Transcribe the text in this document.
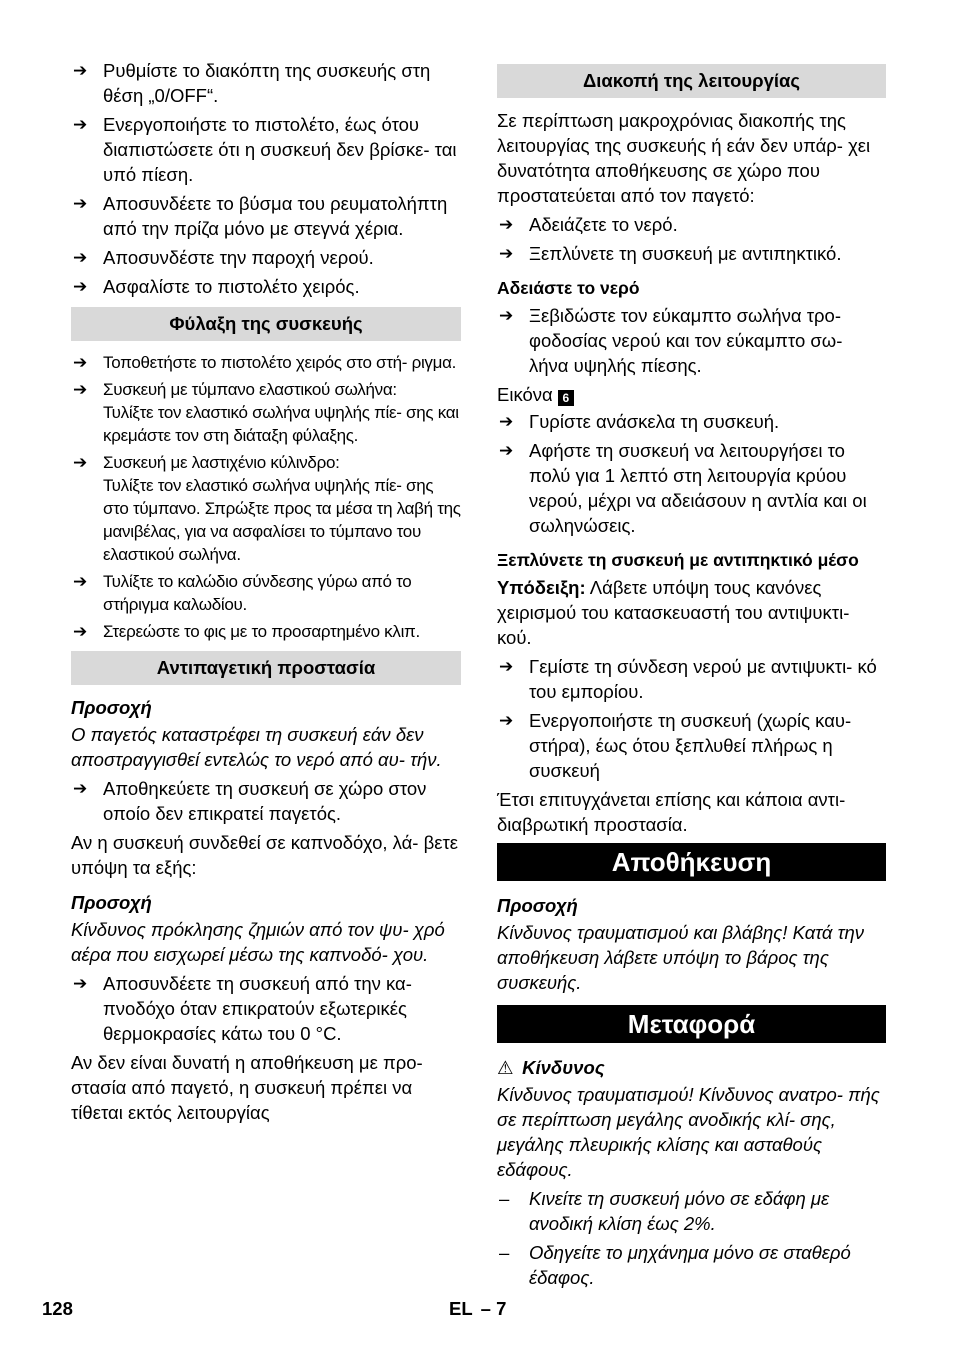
➔ Ρυθμίστε το διακόπτη της συσκευής στη θέση „0/OFF“.
➔ Ενεργοποιήστε το πιστολέτο, έως ότου διαπιστώσετε ότι η συσκευή δεν βρίσκε- ται υπό πίεση.
➔ Αποσυνδέετε το βύσμα του ρευματολήπτη από την πρίζα μόνο με στεγνά χέρια.
➔ Αποσυνδέστε την παροχή νερού.
➔ Ασφαλίστε το πιστολέτο χειρός.
Φύλαξη της συσκευής
➔ Τοποθετήστε το πιστολέτο χειρός στο στή- ριγμα.
➔ Συσκευή με τύμπανο ελαστικού σωλήνα:
Τυλίξτε τον ελαστικό σωλήνα υψηλής πίε- σης και κρεμάστε τον στη διάταξη φύλαξης.
➔ Συσκευή με λαστιχένιο κύλινδρο:
Τυλίξτε τον ελαστικό σωλήνα υψηλής πίε- σης στο τύμπανο. Σπρώξτε προς τα μέσα τη λαβή της μανιβέλας, για να ασφαλίσει το τύμπανο του ελαστικού σωλήνα.
➔ Τυλίξτε το καλώδιο σύνδεσης γύρω από το στήριγμα καλωδίου.
➔ Στερεώστε το φις με το προσαρτημένο κλιπ.
Αντιπαγετική προστασία
Προσοχή
Ο παγετός καταστρέφει τη συσκευή εάν δεν αποστραγγισθεί εντελώς το νερό από αυ- τήν.
➔ Αποθηκεύετε τη συσκευή σε χώρο στον οποίο δεν επικρατεί παγετός.
Αν η συσκευή συνδεθεί σε καπνοδόχο, λά- βετε υπόψη τα εξής:
Προσοχή
Κίνδυνος πρόκλησης ζημιών από τον ψυ- χρό αέρα που εισχωρεί μέσω της καπνοδό- χου.
➔ Αποσυνδέετε τη συσκευή από την κα- πνοδόχο όταν επικρατούν εξωτερικές θερμοκρασίες κάτω του 0 °C.
Αν δεν είναι δυνατή η αποθήκευση με προ- στασία από παγετό, η συσκευή πρέπει να τίθεται εκτός λειτουργίας
Διακοπή της λειτουργίας
Σε περίπτωση μακροχρόνιας διακοπής της λειτουργίας της συσκευής ή εάν δεν υπάρ- χει δυνατότητα αποθήκευσης σε χώρο που προστατεύεται από τον παγετό:
➔ Αδειάζετε το νερό.
➔ Ξεπλύνετε τη συσκευή με αντιπηκτικό.
Αδειάστε το νερό
➔ Ξεβιδώστε τον εύκαμπτο σωλήνα τρο- φοδοσίας νερού και τον εύκαμπτο σω- λήνα υψηλής πίεσης.
Εικόνα 6
➔ Γυρίστε ανάσκελα τη συσκευή.
➔ Αφήστε τη συσκευή να λειτουργήσει το πολύ για 1 λεπτό στη λειτουργία κρύου νερού, μέχρι να αδειάσουν η αντλία και οι σωληνώσεις.
Ξεπλύνετε τη συσκευή με αντιπηκτικό μέσο
Υπόδειξη: Λάβετε υπόψη τους κανόνες χειρισμού του κατασκευαστή του αντιψυκτι- κού.
➔ Γεμίστε τη σύνδεση νερού με αντιψυκτι- κό του εμπορίου.
➔ Ενεργοποιήστε τη συσκευή (χωρίς καυ- στήρα), έως ότου ξεπλυθεί πλήρως η συσκευή
Έτσι επιτυγχάνεται επίσης και κάποια αντι- διαβρωτική προστασία.
Αποθήκευση
Προσοχή
Κίνδυνος τραυματισμού και βλάβης! Κατά την αποθήκευση λάβετε υπόψη το βάρος της συσκευής.
Μεταφορά
⚠ Κίνδυνος
Κίνδυνος τραυματισμού! Κίνδυνος ανατρο- πής σε περίπτωση μεγάλης ανοδικής κλί- σης, μεγάλης πλευρικής κλίσης και ασταθούς εδάφους.
– Κινείτε τη συσκευή μόνο σε εδάφη με ανοδική κλίση έως 2%.
– Οδηγείτε το μηχάνημα μόνο σε σταθερό έδαφος.
128	EL – 7
